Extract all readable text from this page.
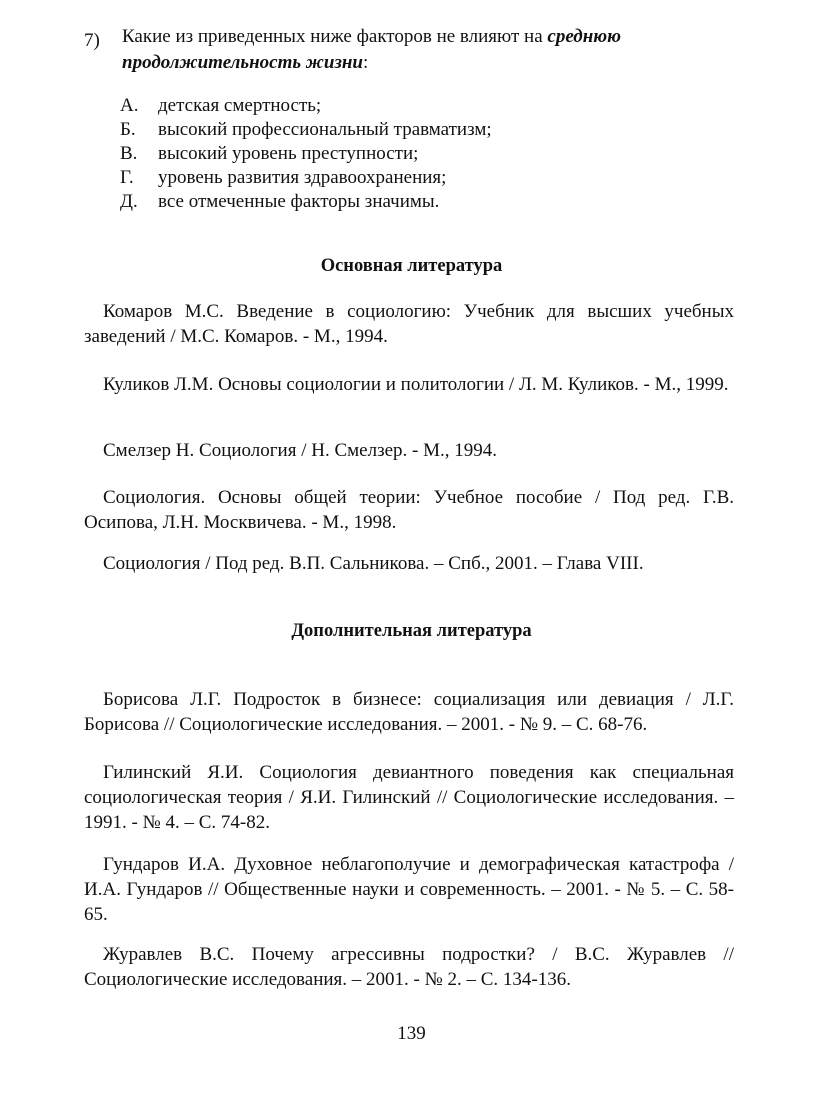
7) Какие из приведенных ниже факторов не влияют на среднюю продолжительность жизни:
А.	детская смертность;
Б.	высокий профессиональный травматизм;
В.	высокий уровень преступности;
Г.	уровень развития здравоохранения;
Д.	все отмеченные факторы значимы.
Основная литература
Комаров М.С. Введение в социологию: Учебник для высших учебных заведений / М.С. Комаров. - М., 1994.
Куликов Л.М. Основы социологии и политологии / Л. М. Куликов. - М., 1999.
Смелзер Н. Социология / Н. Смелзер. - М., 1994.
Социология. Основы общей теории: Учебное пособие / Под ред. Г.В. Осипова, Л.Н. Москвичева. - М., 1998.
Социология / Под ред. В.П. Сальникова. – Спб., 2001. – Глава VIII.
Дополнительная литература
Борисова Л.Г. Подросток в бизнесе: социализация или девиация / Л.Г. Борисова // Социологические исследования. – 2001. - № 9. – С. 68-76.
Гилинский Я.И. Социология девиантного поведения как специальная социологическая теория / Я.И. Гилинский // Социологические исследования. – 1991. - № 4. – С. 74-82.
Гундаров И.А. Духовное неблагополучие и демографическая катастрофа / И.А. Гундаров // Общественные науки и современность. – 2001. - № 5. – С. 58-65.
Журавлев В.С. Почему агрессивны подростки? / В.С. Журавлев // Социологические исследования. – 2001. - № 2. – С. 134-136.
139
